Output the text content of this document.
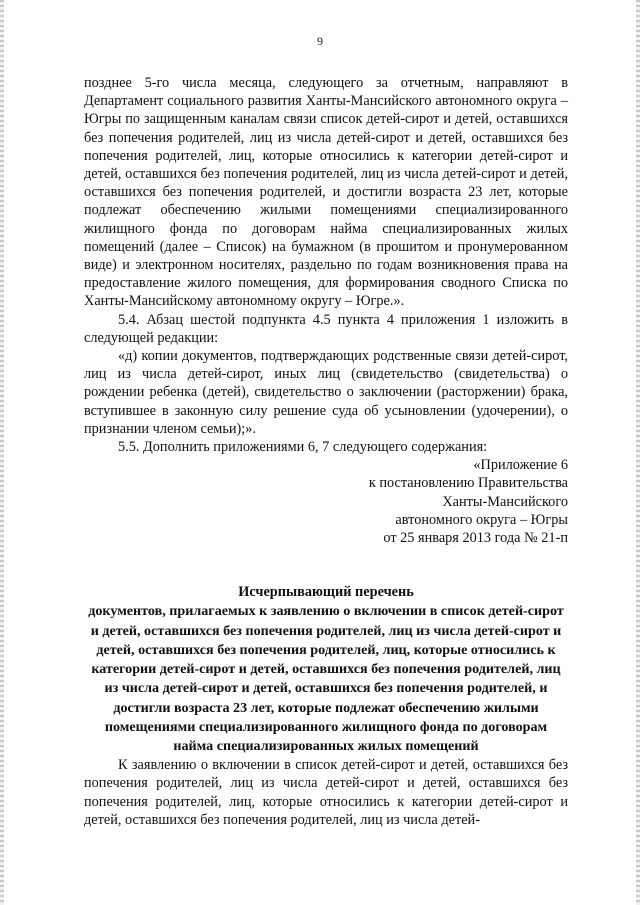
9

позднее 5-го числа месяца, следующего за отчетным, направляют в Департамент социального развития Ханты-Мансийского автономного округа – Югры по защищенным каналам связи список детей-сирот и детей, оставшихся без попечения родителей, лиц из числа детей-сирот и детей, оставшихся без попечения родителей, лиц, которые относились к категории детей-сирот и детей, оставшихся без попечения родителей, лиц из числа детей-сирот и детей, оставшихся без попечения родителей, и достигли возраста 23 лет, которые подлежат обеспечению жилыми помещениями специализированного жилищного фонда по договорам найма специализированных жилых помещений (далее – Список) на бумажном (в прошитом и пронумерованном виде) и электронном носителях, раздельно по годам возникновения права на предоставление жилого помещения, для формирования сводного Списка по Ханты-Мансийскому автономному округу – Югре.».

5.4. Абзац шестой подпункта 4.5 пункта 4 приложения 1 изложить в следующей редакции:

«д) копии документов, подтверждающих родственные связи детей-сирот, лиц из числа детей-сирот, иных лиц (свидетельство (свидетельства) о рождении ребенка (детей), свидетельство о заключении (расторжении) брака, вступившее в законную силу решение суда об усыновлении (удочерении), о признании членом семьи);».

5.5. Дополнить приложениями 6, 7 следующего содержания:

«Приложение 6
к постановлению Правительства
Ханты-Мансийского
автономного округа – Югры
от 25 января 2013 года № 21-п
Исчерпывающий перечень
документов, прилагаемых к заявлению о включении в список детей-сирот и детей, оставшихся без попечения родителей, лиц из числа детей-сирот и детей, оставшихся без попечения родителей, лиц, которые относились к категории детей-сирот и детей, оставшихся без попечения родителей, лиц из числа детей-сирот и детей, оставшихся без попечения родителей, и достигли возраста 23 лет, которые подлежат обеспечению жилыми помещениями специализированного жилищного фонда по договорам найма специализированных жилых помещений

К заявлению о включении в список детей-сирот и детей, оставшихся без попечения родителей, лиц из числа детей-сирот и детей, оставшихся без попечения родителей, лиц, которые относились к категории детей-сирот и детей, оставшихся без попечения родителей, лиц из числа детей-
